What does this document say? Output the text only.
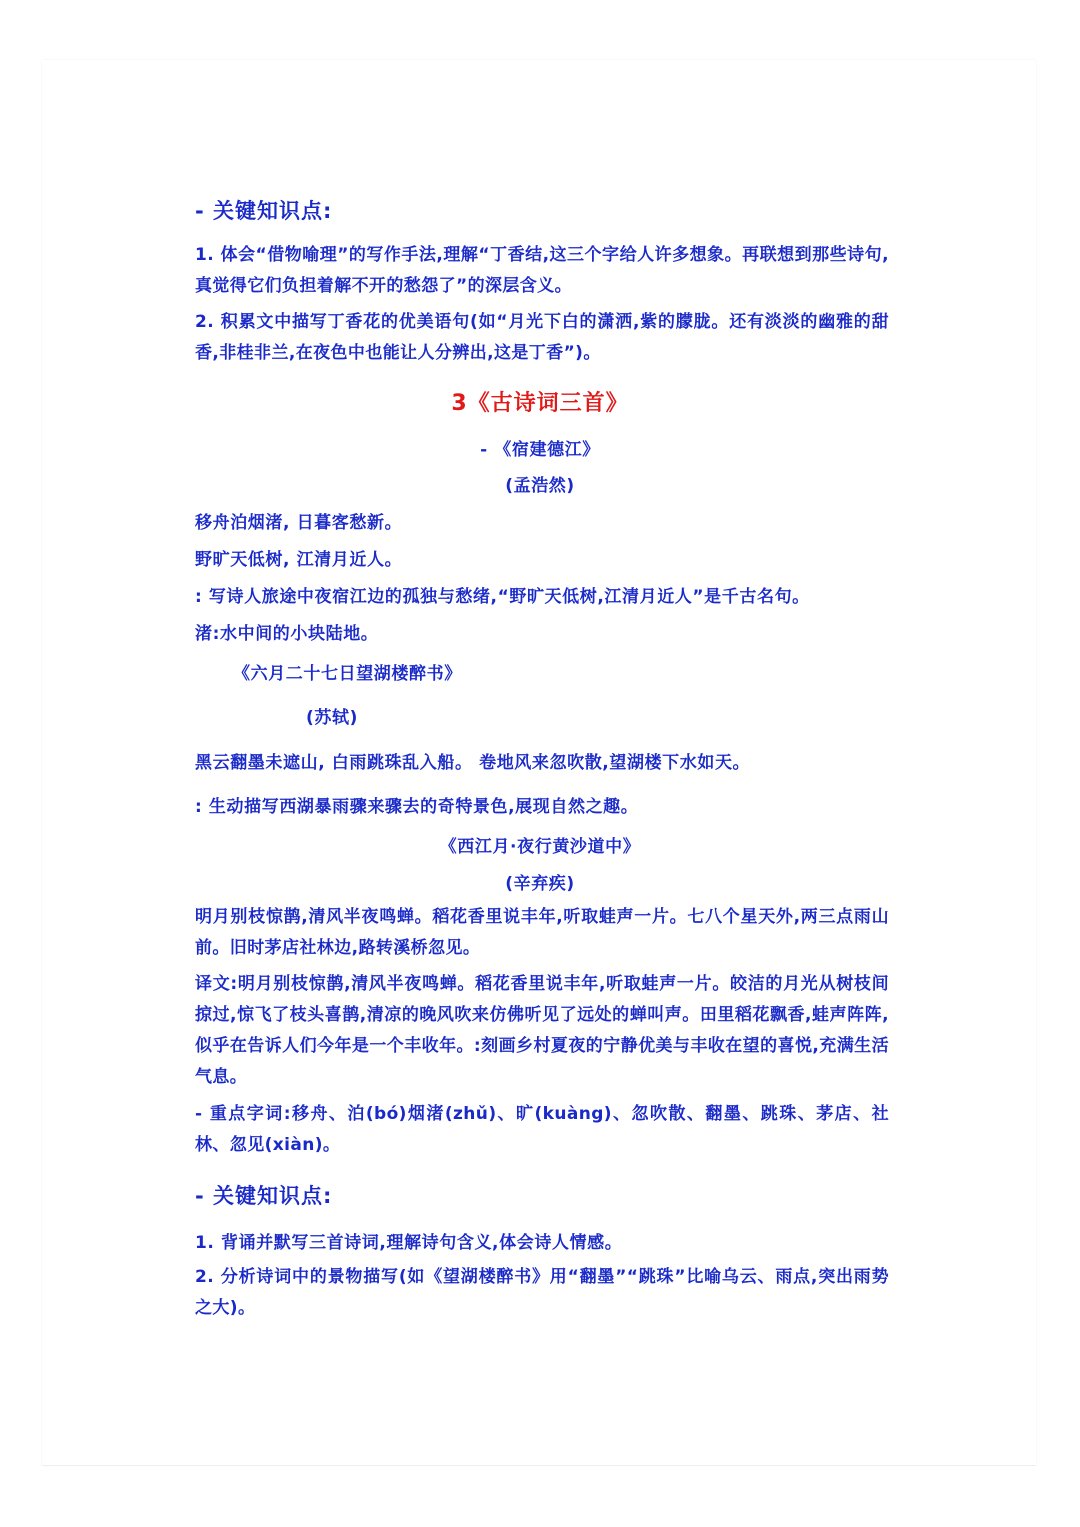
- 关键知识点:

1. 体会“借物喻理”的写作手法,理解“丁香结,这三个字给人许多想象。再联想到那些诗句,真觉得它们负担着解不开的愁怨了”的深层含义。

2. 积累文中描写丁香花的优美语句(如“月光下白的潇洒,紫的朦胧。还有淡淡的幽雅的甜香,非桂非兰,在夜色中也能让人分辨出,这是丁香”)。

3《古诗词三首》

- 《宿建德江》

(孟浩然)

移舟泊烟渚, 日暮客愁新。

野旷天低树, 江清月近人。

: 写诗人旅途中夜宿江边的孤独与愁绪,“野旷天低树,江清月近人”是千古名句。

渚:水中间的小块陆地。

《六月二十七日望湖楼醉书》

(苏轼)

黑云翻墨未遮山, 白雨跳珠乱入船。 卷地风来忽吹散,望湖楼下水如天。

: 生动描写西湖暴雨骤来骤去的奇特景色,展现自然之趣。

《西江月·夜行黄沙道中》

(辛弃疾)

明月别枝惊鹊,清风半夜鸣蝉。稻花香里说丰年,听取蛙声一片。七八个星天外,两三点雨山前。旧时茅店社林边,路转溪桥忽见。

译文:明月别枝惊鹊,清风半夜鸣蝉。稻花香里说丰年,听取蛙声一片。皎洁的月光从树枝间掠过,惊飞了枝头喜鹊,清凉的晚风吹来仿佛听见了远处的蝉叫声。田里稻花飘香,蛙声阵阵,似乎在告诉人们今年是一个丰收年。:刻画乡村夏夜的宁静优美与丰收在望的喜悦,充满生活气息。

- 重点字词:移舟、泊(bó)烟渚(zhǔ)、旷(kuàng)、忽吹散、翻墨、跳珠、茅店、社林、忽见(xiàn)。

- 关键知识点:

1. 背诵并默写三首诗词,理解诗句含义,体会诗人情感。

2. 分析诗词中的景物描写(如《望湖楼醉书》用“翻墨”“跳珠”比喻乌云、雨点,突出雨势之大)。
